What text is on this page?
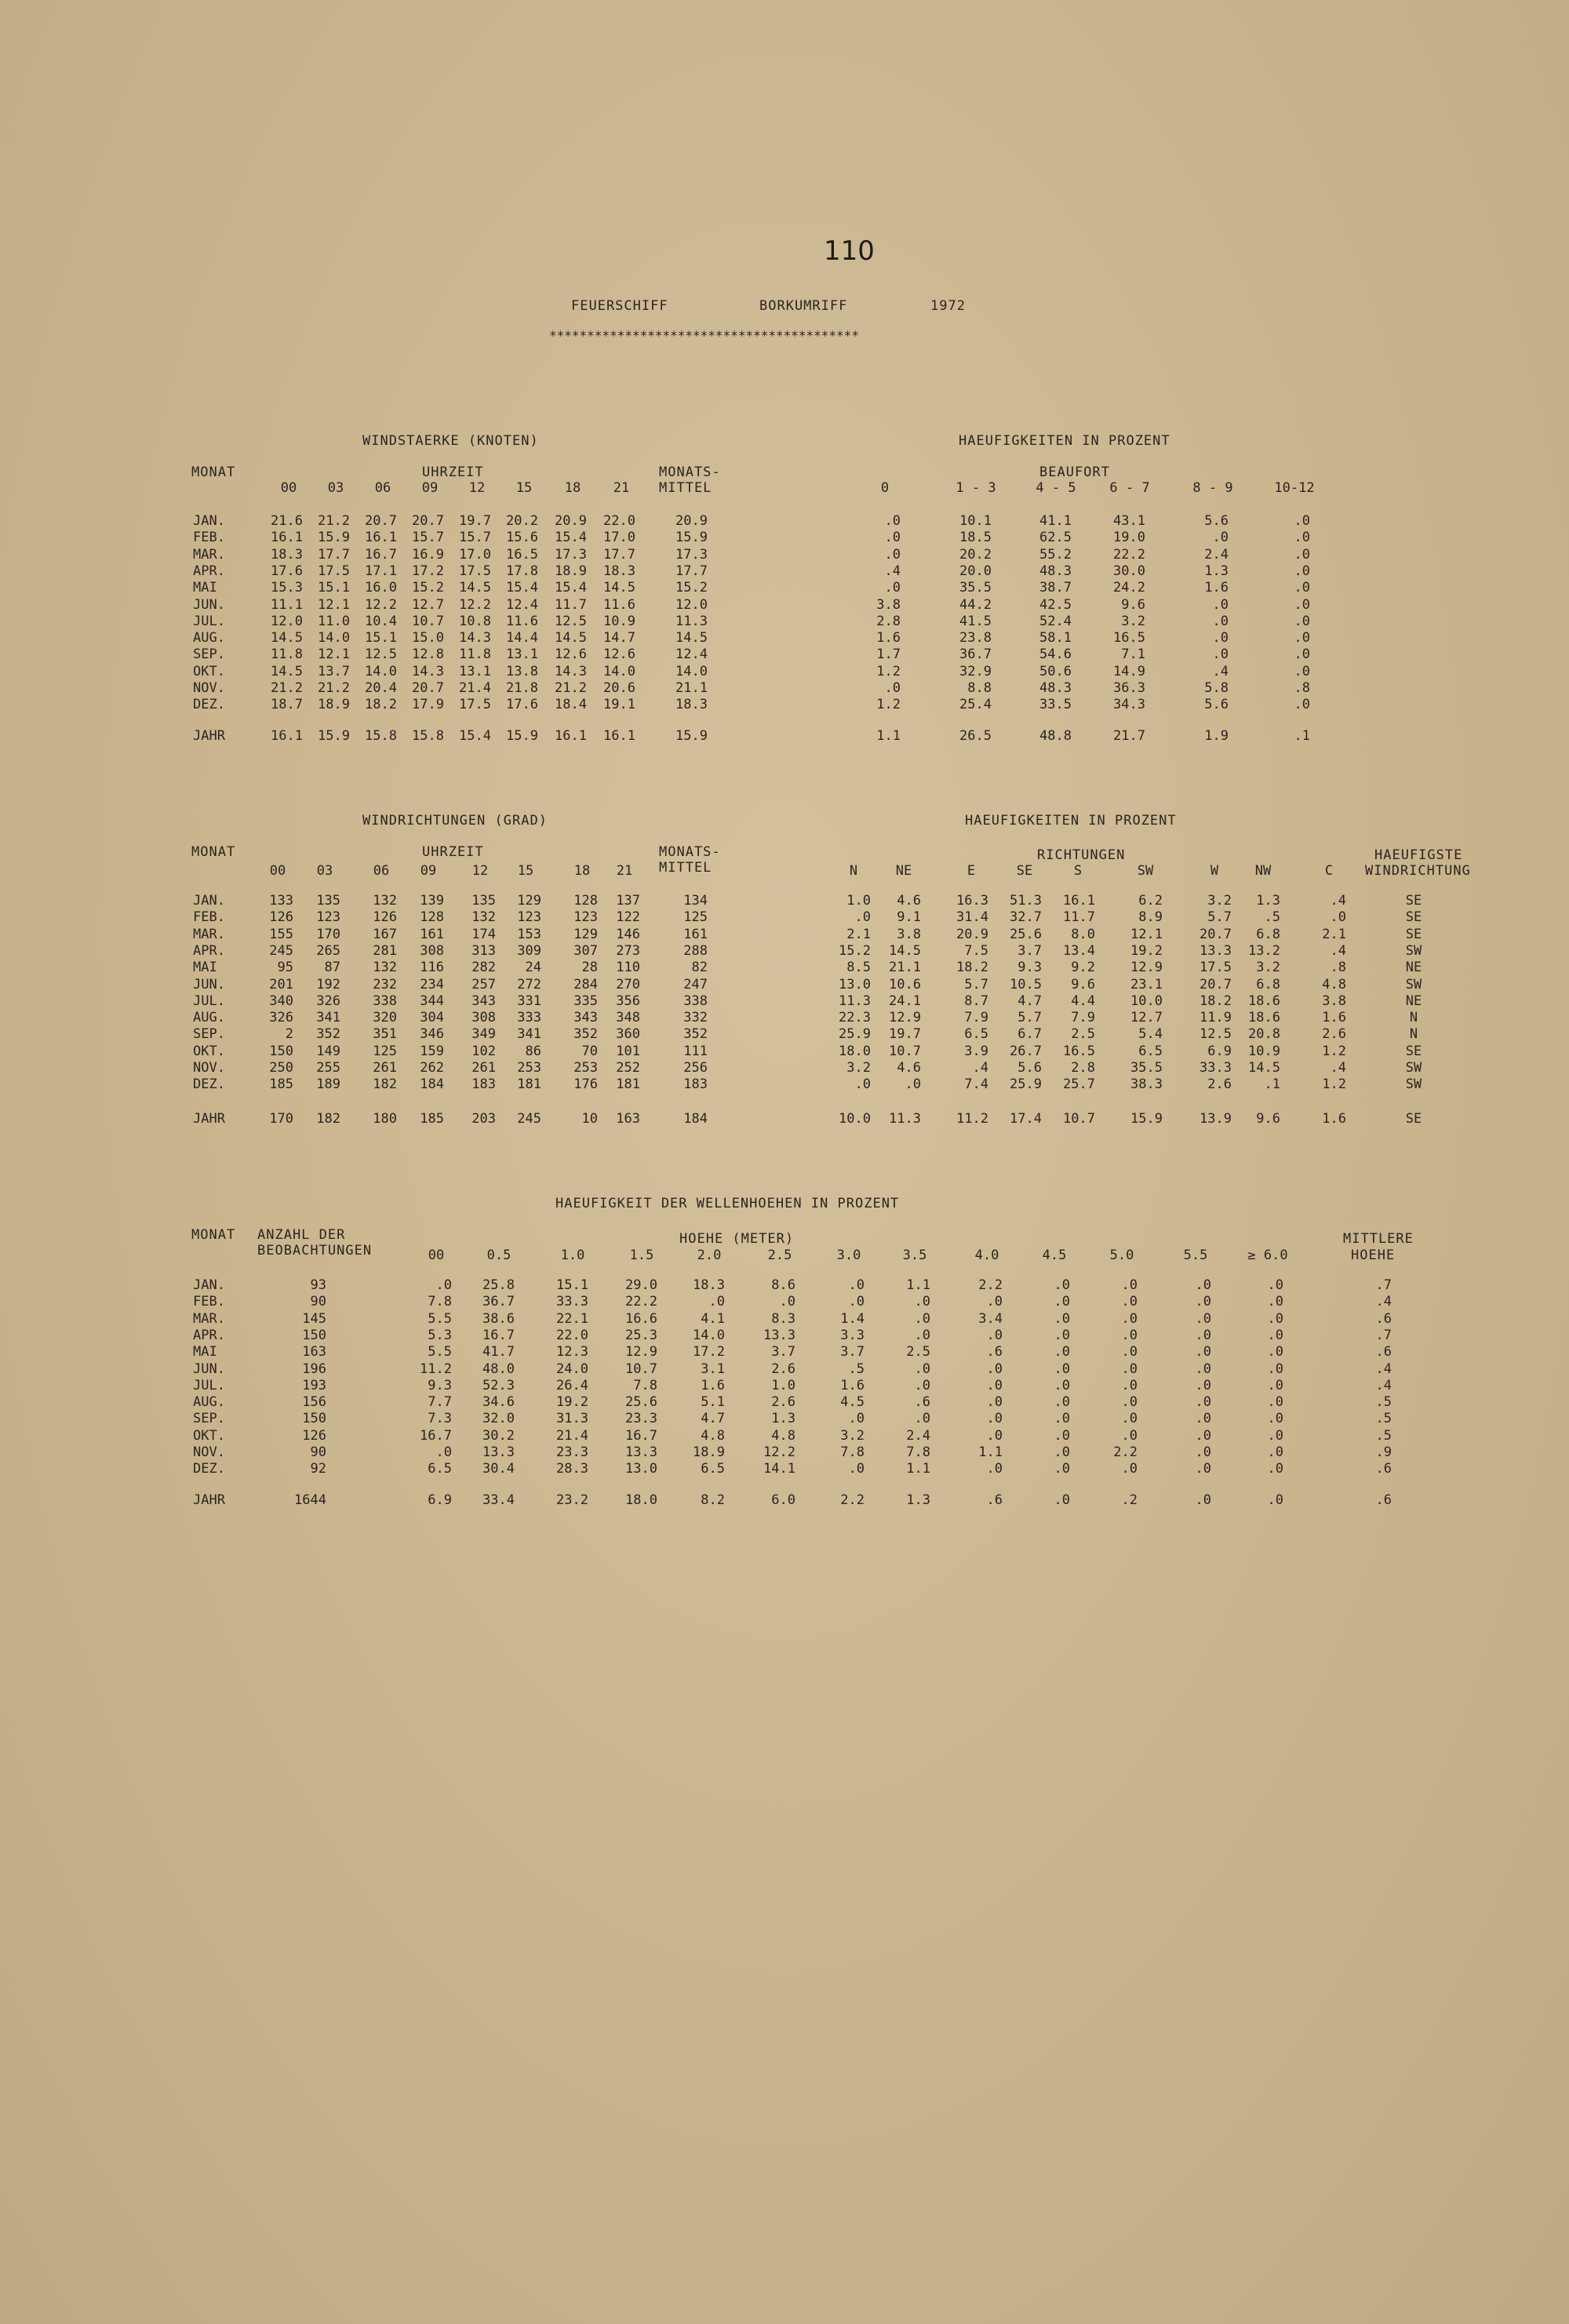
110
FEUERSCHIFF	BORKUMRIFF	1972
*****************************************
WINDSTAERKE (KNOTEN)	HAEUFIGKEITEN IN PROZENT
MONAT	UHRZEIT	MONATS-
MITTEL
BEAUFORT
00	03	06	09	12	15	18	21	0	1 - 3	4 - 5	6 - 7	8 - 9	10-12
JAN.	21.6 21.2 20.7 20.7 19.7 20.2 20.9 22.0	20.9	.0	10.1	41.1	43.1	5.6	.0
FEB.	16.1 15.9 16.1 15.7 15.7 15.6 15.4 17.0	15.9	.0	18.5	62.5	19.0	.0	.0
MAR.	18.3 17.7 16.7 16.9 17.0 16.5 17.3 17.7	17.3	.0	20.2	55.2	22.2	2.4	.0
APR.	17.6 17.5 17.1 17.2 17.5 17.8 18.9 18.3	17.7	.4	20.0	48.3	30.0	1.3	.0
MAI	15.3 15.1 16.0 15.2 14.5 15.4 15.4 14.5	15.2	.0	35.5	38.7	24.2	1.6	.0
JUN.	11.1 12.1 12.2 12.7 12.2 12.4 11.7 11.6	12.0	3.8	44.2	42.5	9.6	.0	.0
JUL.	12.0 11.0 10.4 10.7 10.8 11.6 12.5 10.9	11.3	2.8	41.5	52.4	3.2	.0	.0
AUG.	14.5 14.0 15.1 15.0 14.3 14.4 14.5 14.7	14.5	1.6	23.8	58.1	16.5	.0	.0
SEP.	11.8 12.1 12.5 12.8 11.8 13.1 12.6 12.6	12.4	1.7	36.7	54.6	7.1	.0	.0
OKT.	14.5 13.7 14.0 14.3 13.1 13.8 14.3 14.0	14.0	1.2	32.9	50.6	14.9	.4	.0
NOV.	21.2 21.2 20.4 20.7 21.4 21.8 21.2 20.6	21.1	.0	8.8	48.3	36.3	5.8	.8
DEZ.	18.7 18.9 18.2 17.9 17.5 17.6 18.4 19.1	18.3	1.2	25.4	33.5	34.3	5.6	.0
JAHR	16.1 15.9 15.8 15.8 15.4 15.9 16.1 16.1	15.9	1.1	26.5	48.8	21.7	1.9	.1
WINDRICHTUNGEN (GRAD)	HAEUFIGKEITEN IN PROZENT
MONAT	UHRZEIT	MONATS-
MITTEL
RICHTUNGEN	HAEUFIGSTE
WINDRICHTUNG
00	03	06	09	12	15	18	21	N	NE	E	SE	S	SW	W	NW	C
JAN.	133 135 132 139 135 129 128 137	134	1.0 4.6	16.3 51.3 16.1	6.2	3.2 1.3	.4	SE
FEB.	126 123 126 128 132 123 123 122	125	.0 9.1	31.4 32.7 11.7	8.9	5.7 .5	.0	SE
MAR.	155 170 167 161 174 153 129 146	161	2.1 3.8	20.9 25.6 8.0	12.1	20.7 6.8	2.1	SE
APR.	245 265 281 308 313 309 307 273	288	15.2 14.5	7.5 3.7 13.4	19.2	13.3 13.2	.4	SW
MAI	95 87 132 116 282 24	28 110	82	8.5 21.1	18.2 9.3 9.2	12.9	17.5 3.2	.8	NE
JUN.	201 192 232 234 257 272 284 270	247	13.0 10.6	5.7 10.5 9.6	23.1	20.7 6.8	4.8	SW
JUL.	340 326 338 344 343 331 335 356	338	11.3 24.1	8.7 4.7 4.4	10.0	18.2 18.6	3.8	NE
AUG.	326 341 320 304 308 333 343 348	332	22.3 12.9	7.9 5.7 7.9	12.7	11.9 18.6	1.6	N
SEP.	2 352 351 346 349 341 352 360	352	25.9 19.7	6.5 6.7 2.5	5.4	12.5 20.8	2.6	N
OKT.	150 149 125 159 102 86	70 101	111	18.0 10.7	3.9 26.7 16.5	6.5	6.9 10.9	1.2	SE
NOV.	250 255 261 262 261 253 253 252	256	3.2 4.6	.4 5.6 2.8	35.5	33.3 14.5	.4	SW
DEZ.	185 189 182 184 183 181 176 181	183	.0	.0	7.4 25.9 25.7	38.3	2.6 .1	1.2	SW
JAHR	170 182 180 185 203 245	10 163	184	10.0 11.3	11.2 17.4 10.7	15.9	13.9 9.6	1.6	SE
HAEUFIGKEIT DER WELLENHOEHEN IN PROZENT
MONAT ANZAHL DER
BEOBACHTUNGEN
HOEHE (METER)	MITTLERE
HOEHE
00	0.5	1.0	1.5	2.0	2.5	3.0	3.5	4.0	4.5	5.0	5.5	≥ 6.0
JAN.	93	.0 25.8	15.1	29.0	18.3	8.6	.0	1.1	2.2	.0	.0	.0	.0	.7
FEB.	90	7.8 36.7	33.3	22.2	.0	.0	.0	.0	.0	.0	.0	.0	.0	.4
MAR.	145	5.5 38.6	22.1	16.6	4.1	8.3	1.4	.0	3.4	.0	.0	.0	.0	.6
APR.	150	5.3 16.7	22.0	25.3	14.0	13.3	3.3	.0	.0	.0	.0	.0	.0	.7
MAI	163	5.5 41.7	12.3	12.9	17.2	3.7	3.7	2.5	.6	.0	.0	.0	.0	.6
JUN.	196	11.2 48.0	24.0	10.7	3.1	2.6	.5	.0	.0	.0	.0	.0	.0	.4
JUL.	193	9.3 52.3	26.4	7.8	1.6	1.0	1.6	.0	.0	.0	.0	.0	.0	.4
AUG.	156	7.7 34.6	19.2	25.6	5.1	2.6	4.5	.6	.0	.0	.0	.0	.0	.5
SEP.	150	7.3 32.0	31.3	23.3	4.7	1.3	.0	.0	.0	.0	.0	.0	.0	.5
OKT.	126	16.7 30.2	21.4	16.7	4.8	4.8	3.2	2.4	.0	.0	.0	.0	.0	.5
NOV.	90	.0 13.3	23.3	13.3	18.9	12.2	7.8	7.8	1.1	.0	2.2	.0	.0	.9
DEZ.	92	6.5 30.4	28.3	13.0	6.5	14.1	.0	1.1	.0	.0	.0	.0	.0	.6
JAHR	1644	6.9 33.4	23.2	18.0	8.2	6.0	2.2	1.3	.6	.0	.2	.0	.0	.6
